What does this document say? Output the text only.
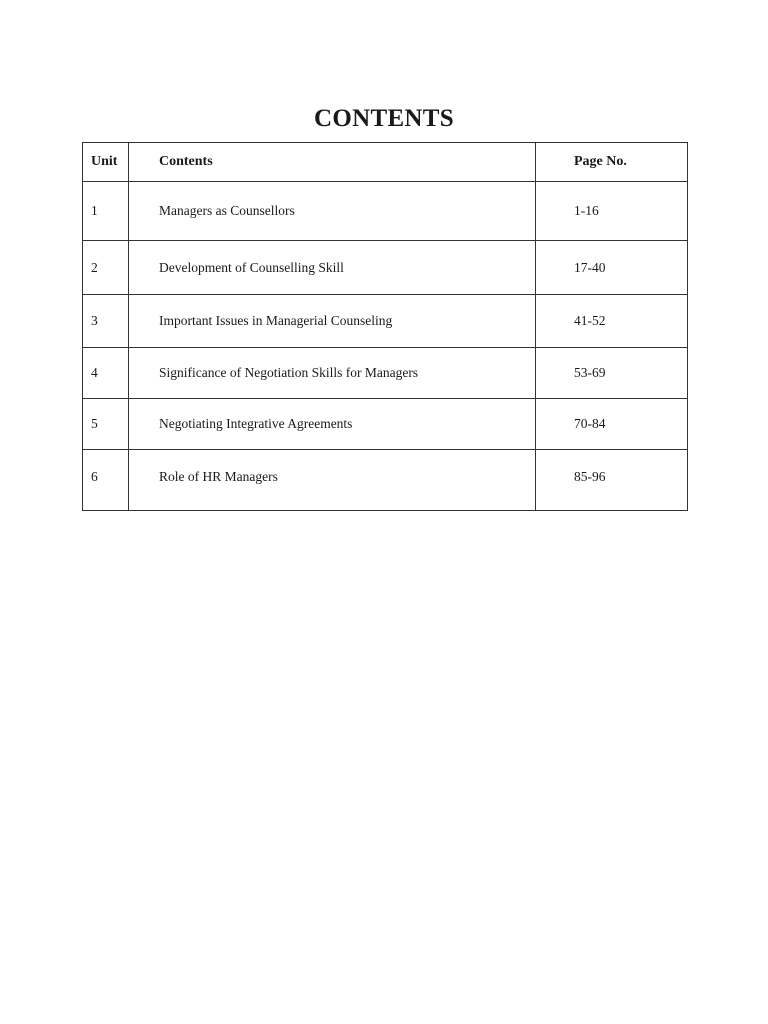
CONTENTS
Unit	Contents	Page No.
1	Managers as Counsellors	1-16
2	Development of Counselling Skill	17-40
3	Important Issues in Managerial Counseling	41-52
4	Significance of Negotiation Skills for Managers	53-69
5	Negotiating Integrative Agreements	70-84
6	Role of HR Managers	85-96
